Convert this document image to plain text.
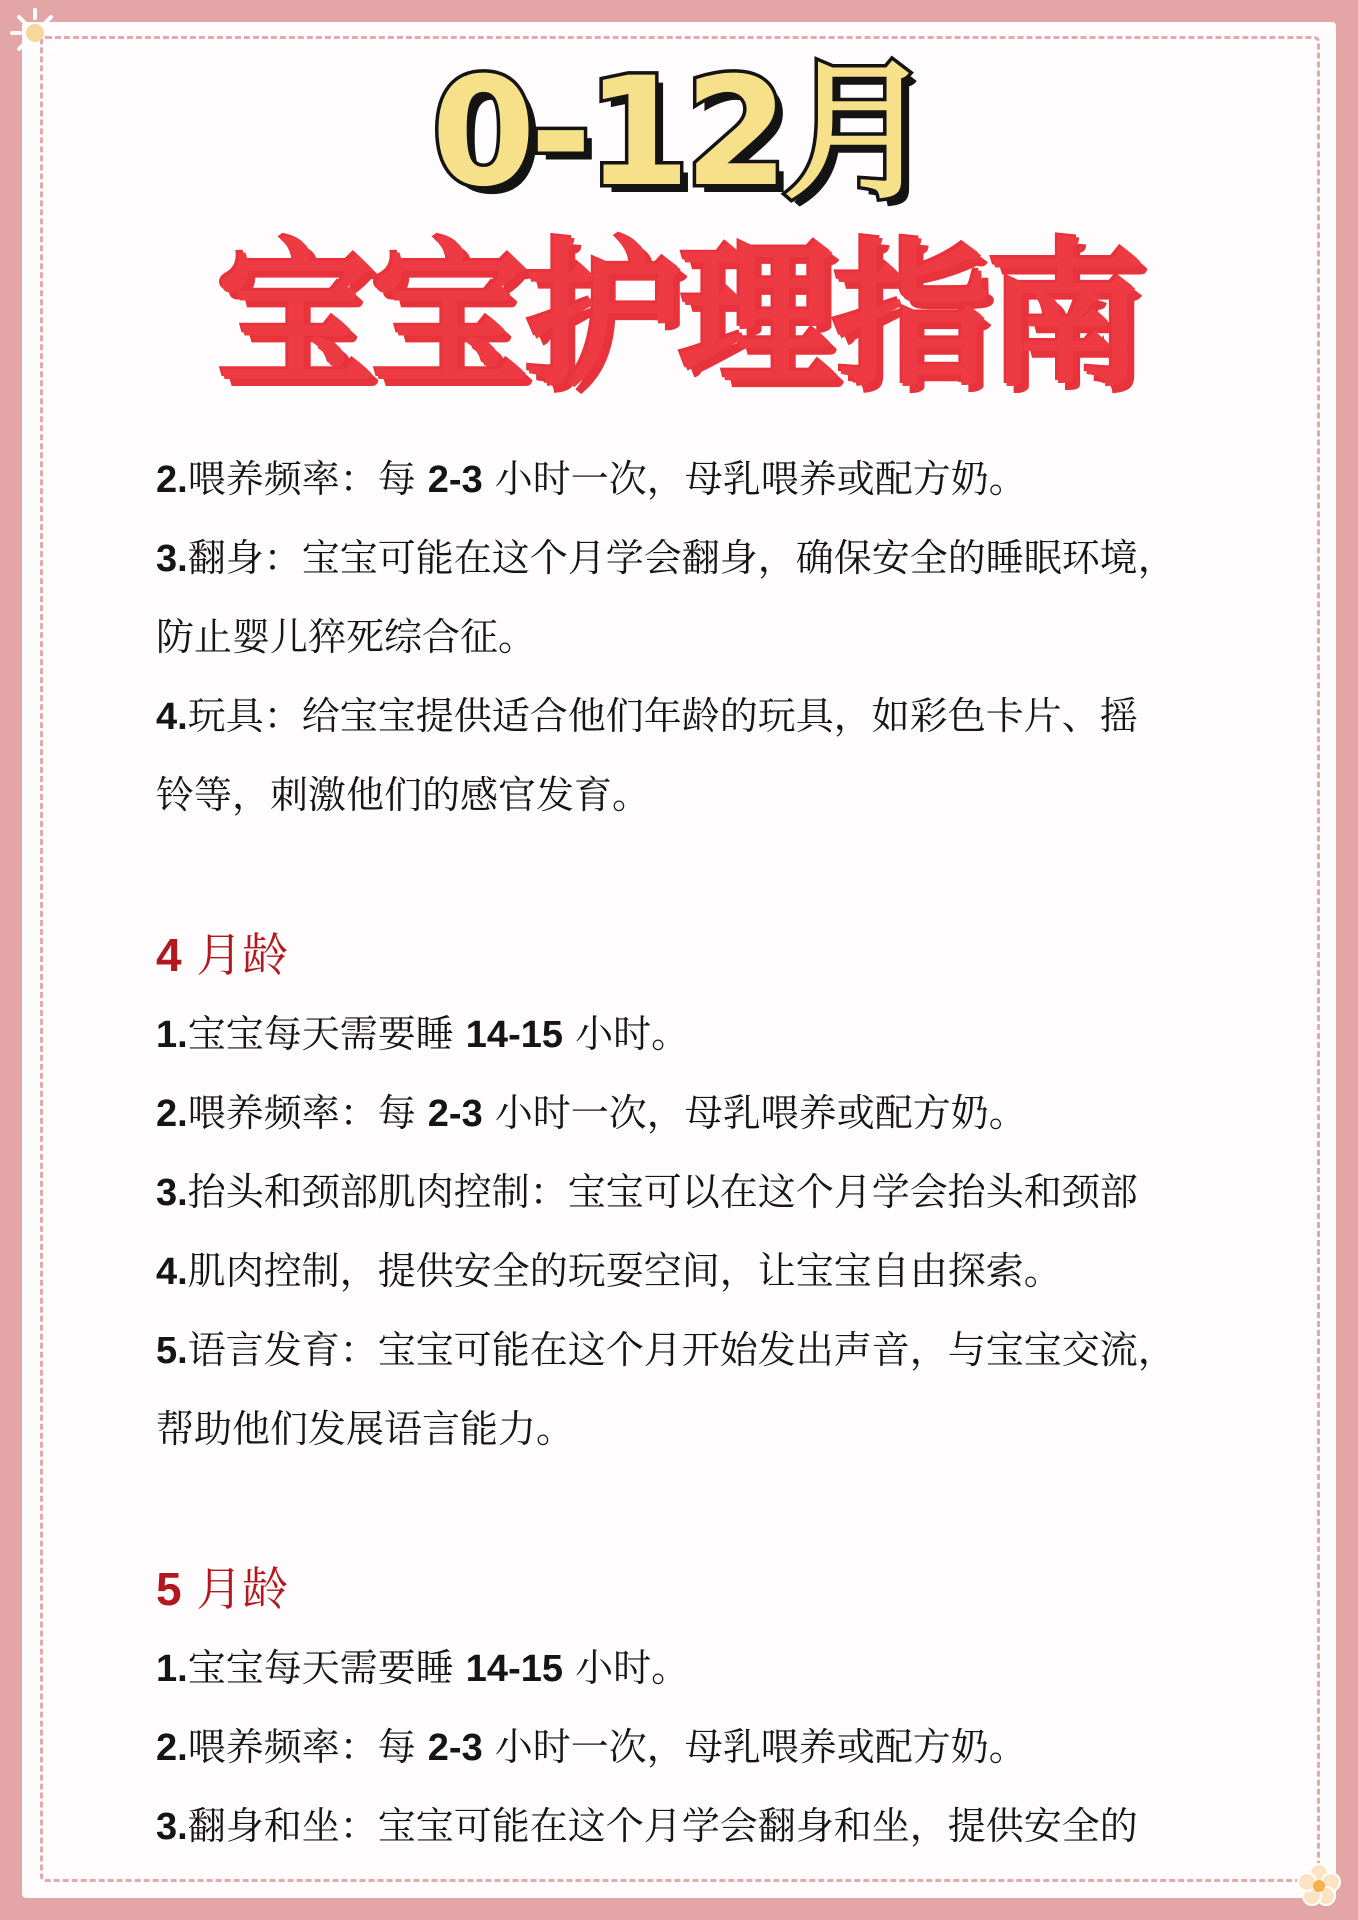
0-12月
宝宝护理指南
2.喂养频率：每 2-3 小时一次，母乳喂养或配方奶。
3.翻身：宝宝可能在这个月学会翻身，确保安全的睡眠环境，
防止婴儿猝死综合征。
4.玩具：给宝宝提供适合他们年龄的玩具，如彩色卡片、摇
铃等，刺激他们的感官发育。
4 月龄
1.宝宝每天需要睡 14-15 小时。
2.喂养频率：每 2-3 小时一次，母乳喂养或配方奶。
3.抬头和颈部肌肉控制：宝宝可以在这个月学会抬头和颈部
4.肌肉控制，提供安全的玩耍空间，让宝宝自由探索。
5.语言发育：宝宝可能在这个月开始发出声音，与宝宝交流，
帮助他们发展语言能力。
5 月龄
1.宝宝每天需要睡 14-15 小时。
2.喂养频率：每 2-3 小时一次，母乳喂养或配方奶。
3.翻身和坐：宝宝可能在这个月学会翻身和坐，提供安全的
